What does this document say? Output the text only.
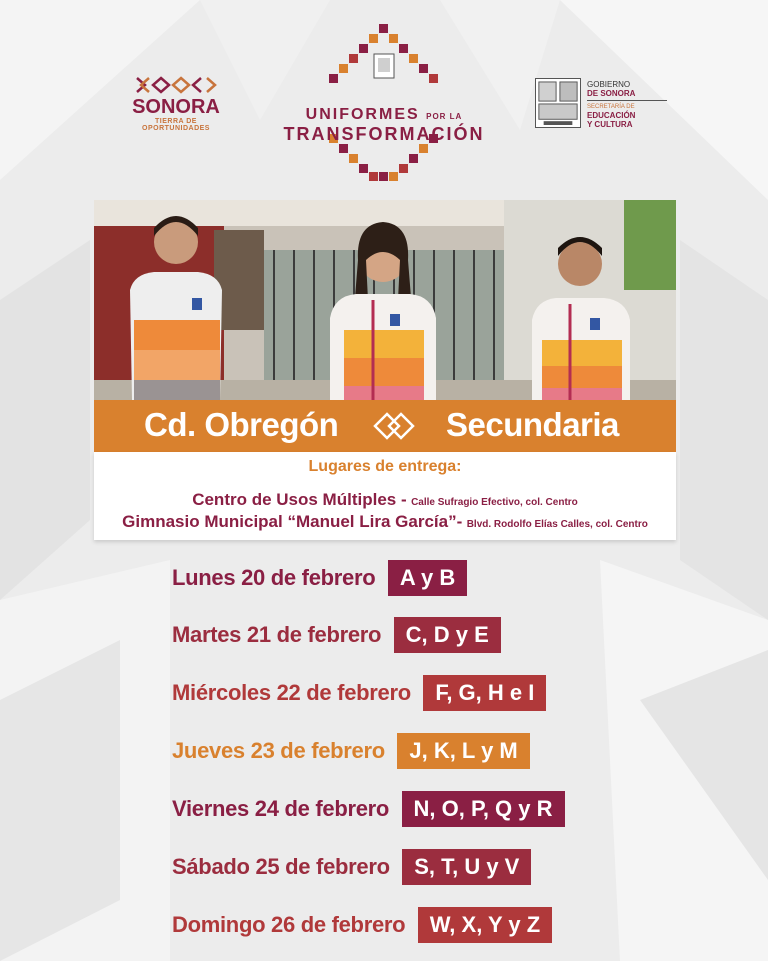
SONORA
TIERRA DE OPORTUNIDADES
UNIFORMES POR LA
TRANSFORMACIÓN
GOBIERNO
DE SONORA
SECRETARÍA DE
EDUCACIÓN
Y CULTURA
Cd. Obregón	Secundaria
Lugares de entrega:
Centro de Usos Múltiples - Calle Sufragio Efectivo, col. Centro
Gimnasio Municipal “Manuel Lira García”- Blvd. Rodolfo Elías Calles, col. Centro
Lunes 20 de febrero A y B
Martes 21 de febrero C, D y E
Miércoles 22 de febrero F, G, H e I
Jueves 23 de febrero J, K, L y M
Viernes 24 de febrero N, O, P, Q y R
Sábado 25 de febrero S, T, U y V
Domingo 26 de febrero W, X, Y y Z
